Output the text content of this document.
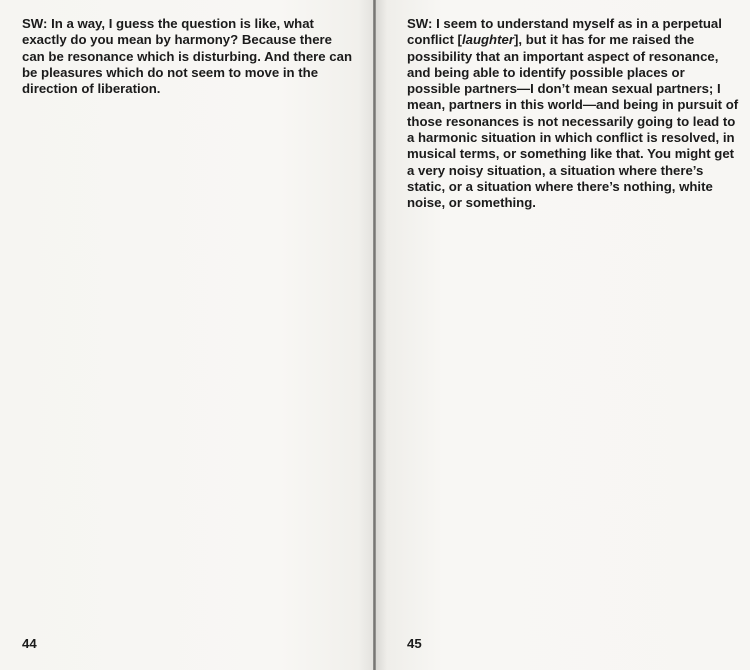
SW: In a way, I guess the question is like, what exactly do you mean by harmony? Because there can be resonance which is disturbing. And there can be pleasures which do not seem to move in the direction of liberation.

44

SW: I seem to understand myself as in a perpetual conflict [laughter], but it has for me raised the possibility that an important aspect of resonance, and being able to identify possible places or possible partners—I don’t mean sexual partners; I mean, partners in this world—and being in pursuit of those resonances is not necessarily going to lead to a harmonic situation in which conflict is resolved, in musical terms, or something like that. You might get a very noisy situation, a situation where there’s static, or a situation where there’s nothing, white noise, or something.

45
